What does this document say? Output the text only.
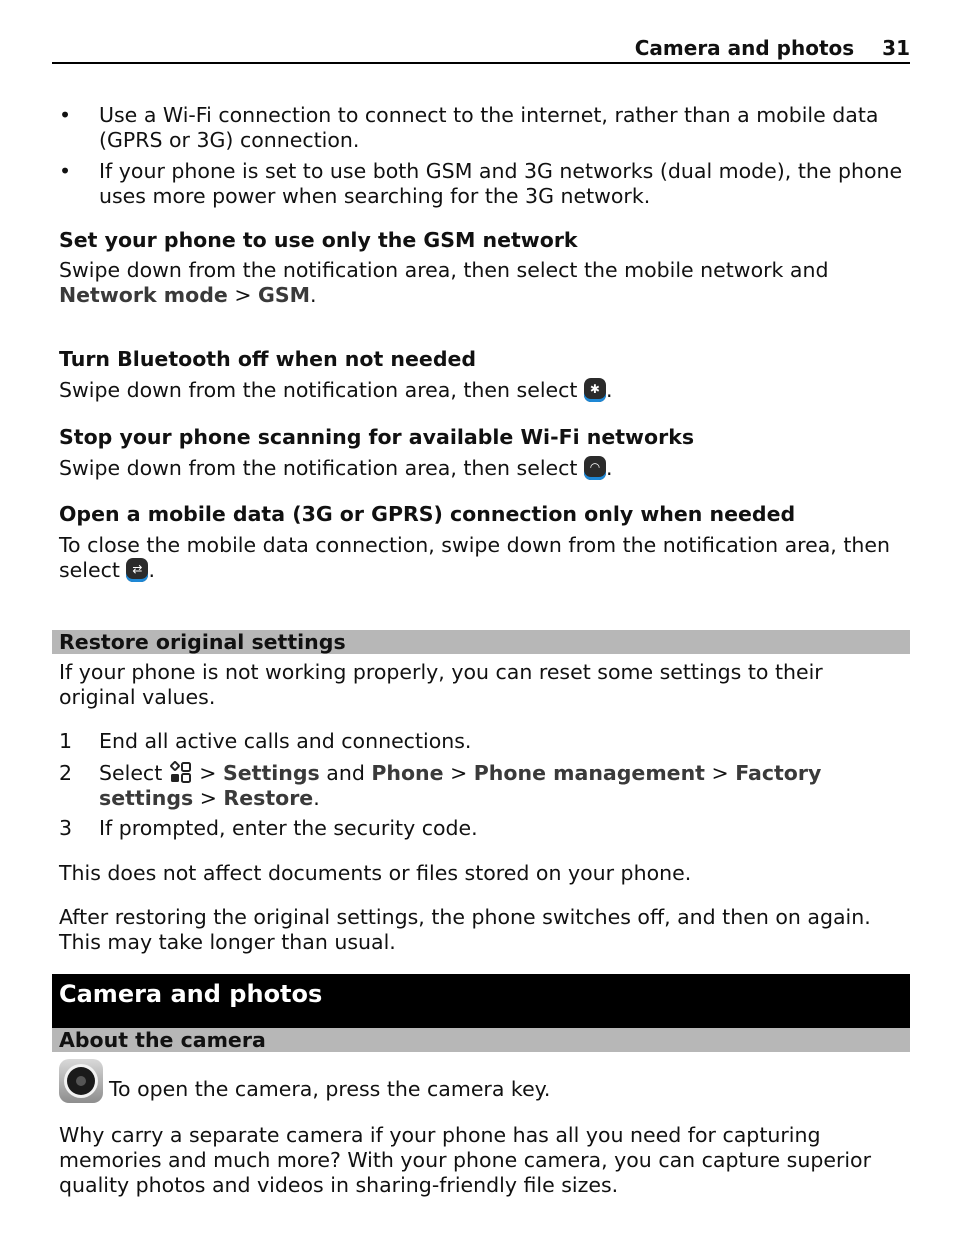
Camera and photos 31
• Use a Wi-Fi connection to connect to the internet, rather than a mobile data (GPRS or 3G) connection.
• If your phone is set to use both GSM and 3G networks (dual mode), the phone uses more power when searching for the 3G network.
Set your phone to use only the GSM network
Swipe down from the notification area, then select the mobile network and Network mode > GSM.
Turn Bluetooth off when not needed
Swipe down from the notification area, then select ✱ .
Stop your phone scanning for available Wi-Fi networks
Swipe down from the notification area, then select ◠ .
Open a mobile data (3G or GPRS) connection only when needed
To close the mobile data connection, swipe down from the notification area, then select ⇄ .
Restore original settings
If your phone is not working properly, you can reset some settings to their original values.
1 End all active calls and connections.
2 Select  > Settings and Phone > Phone management > Factory settings > Restore.
3 If prompted, enter the security code.
This does not affect documents or files stored on your phone.
After restoring the original settings, the phone switches off, and then on again. This may take longer than usual.
Camera and photos
About the camera
To open the camera, press the camera key.
Why carry a separate camera if your phone has all you need for capturing memories and much more? With your phone camera, you can capture superior quality photos and videos in sharing-friendly file sizes.
